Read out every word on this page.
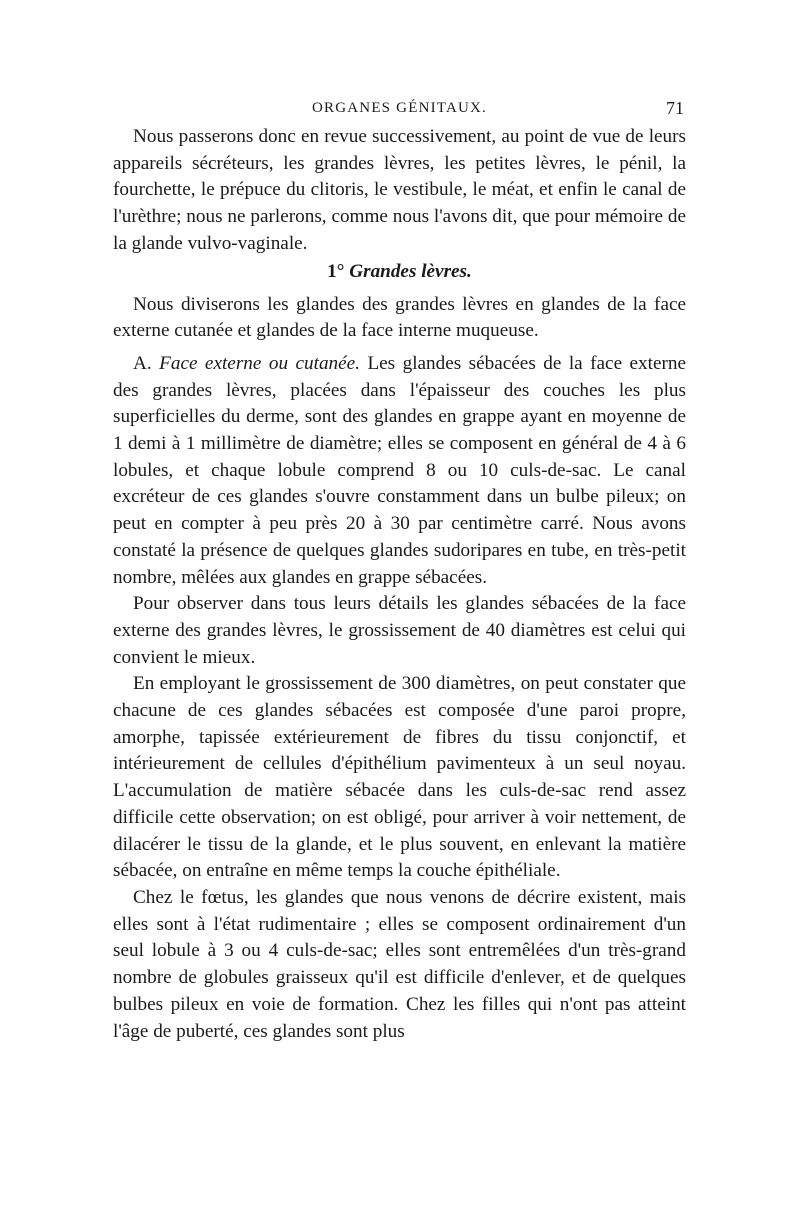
ORGANES GÉNITAUX.	71

Nous passerons donc en revue successivement, au point de vue de leurs appareils sécréteurs, les grandes lèvres, les petites lèvres, le pénil, la fourchette, le prépuce du clitoris, le vestibule, le méat, et enfin le canal de l'urèthre; nous ne parlerons, comme nous l'avons dit, que pour mémoire de la glande vulvo-vaginale.

1° Grandes lèvres.

Nous diviserons les glandes des grandes lèvres en glandes de la face externe cutanée et glandes de la face interne muqueuse.

A. Face externe ou cutanée. Les glandes sébacées de la face externe des grandes lèvres, placées dans l'épaisseur des couches les plus superficielles du derme, sont des glandes en grappe ayant en moyenne de 1 demi à 1 millimètre de diamètre; elles se composent en général de 4 à 6 lobules, et chaque lobule comprend 8 ou 10 culs-de-sac. Le canal excréteur de ces glandes s'ouvre constamment dans un bulbe pileux; on peut en compter à peu près 20 à 30 par centimètre carré. Nous avons constaté la présence de quelques glandes sudoripares en tube, en très-petit nombre, mêlées aux glandes en grappe sébacées.

Pour observer dans tous leurs détails les glandes sébacées de la face externe des grandes lèvres, le grossissement de 40 diamètres est celui qui convient le mieux.

En employant le grossissement de 300 diamètres, on peut constater que chacune de ces glandes sébacées est composée d'une paroi propre, amorphe, tapissée extérieurement de fibres du tissu conjonctif, et intérieurement de cellules d'épithélium pavimenteux à un seul noyau. L'accumulation de matière sébacée dans les culs-de-sac rend assez difficile cette observation; on est obligé, pour arriver à voir nettement, de dilacérer le tissu de la glande, et le plus souvent, en enlevant la matière sébacée, on entraîne en même temps la couche épithéliale.

Chez le fœtus, les glandes que nous venons de décrire existent, mais elles sont à l'état rudimentaire ; elles se composent ordinairement d'un seul lobule à 3 ou 4 culs-de-sac; elles sont entremêlées d'un très-grand nombre de globules graisseux qu'il est difficile d'enlever, et de quelques bulbes pileux en voie de formation. Chez les filles qui n'ont pas atteint l'âge de puberté, ces glandes sont plus
